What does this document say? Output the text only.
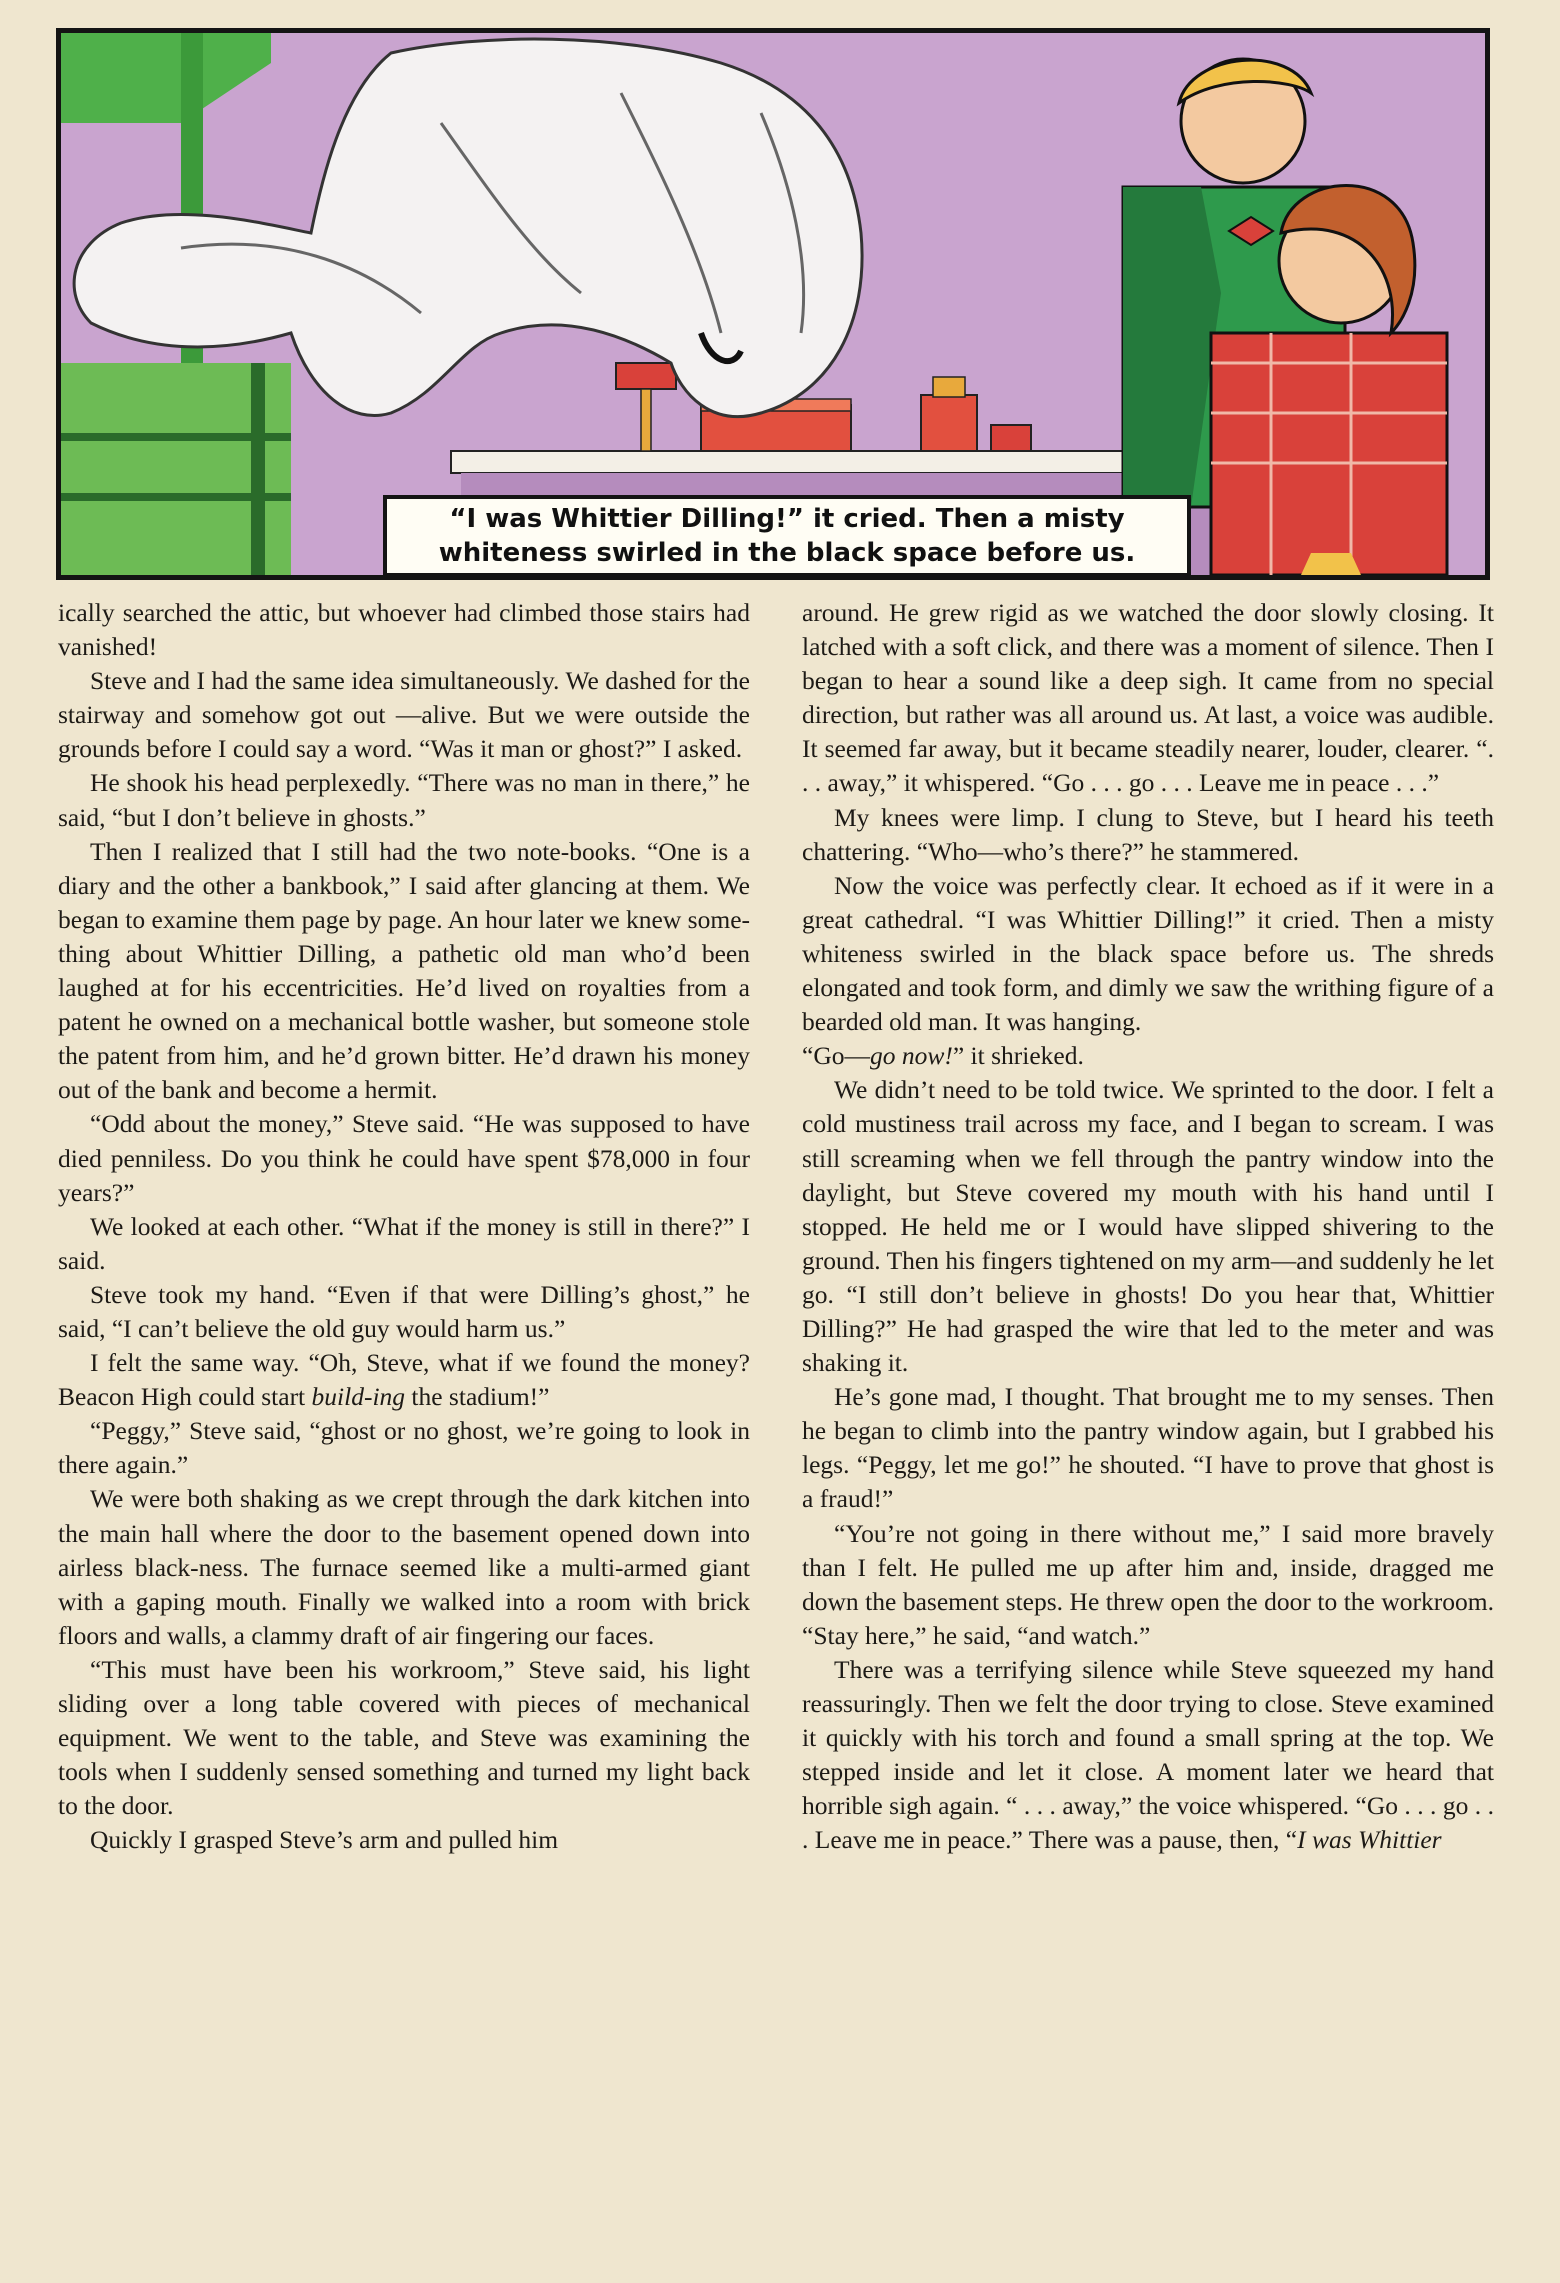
“I was Whittier Dilling!” it cried. Then a misty
whiteness swirled in the black space before us.

ically searched the attic, but whoever had climbed those stairs had vanished!

Steve and I had the same idea simultaneously. We dashed for the stairway and somehow got out —alive. But we were outside the grounds before I could say a word. “Was it man or ghost?” I asked.

He shook his head perplexedly. “There was no man in there,” he said, “but I don’t believe in ghosts.”

Then I realized that I still had the two note-books. “One is a diary and the other a bankbook,” I said after glancing at them. We began to examine them page by page. An hour later we knew some-thing about Whittier Dilling, a pathetic old man who’d been laughed at for his eccentricities. He’d lived on royalties from a patent he owned on a mechanical bottle washer, but someone stole the patent from him, and he’d grown bitter. He’d drawn his money out of the bank and become a hermit.

“Odd about the money,” Steve said. “He was supposed to have died penniless. Do you think he could have spent $78,000 in four years?”

We looked at each other. “What if the money is still in there?” I said.

Steve took my hand. “Even if that were Dilling’s ghost,” he said, “I can’t believe the old guy would harm us.”

I felt the same way. “Oh, Steve, what if we found the money? Beacon High could start build-ing the stadium!”

“Peggy,” Steve said, “ghost or no ghost, we’re going to look in there again.”

We were both shaking as we crept through the dark kitchen into the main hall where the door to the basement opened down into airless black-ness. The furnace seemed like a multi-armed giant with a gaping mouth. Finally we walked into a room with brick floors and walls, a clammy draft of air fingering our faces.

“This must have been his workroom,” Steve said, his light sliding over a long table covered with pieces of mechanical equipment. We went to the table, and Steve was examining the tools when I suddenly sensed something and turned my light back to the door.

Quickly I grasped Steve’s arm and pulled him

around. He grew rigid as we watched the door slowly closing. It latched with a soft click, and there was a moment of silence. Then I began to hear a sound like a deep sigh. It came from no special direction, but rather was all around us. At last, a voice was audible. It seemed far away, but it became steadily nearer, louder, clearer. “. . . away,” it whispered. “Go . . . go . . . Leave me in peace . . .”

My knees were limp. I clung to Steve, but I heard his teeth chattering. “Who—who’s there?” he stammered.

Now the voice was perfectly clear. It echoed as if it were in a great cathedral. “I was Whittier Dilling!” it cried. Then a misty whiteness swirled in the black space before us. The shreds elongated and took form, and dimly we saw the writhing figure of a bearded old man. It was hanging.

“Go—go now!” it shrieked.

We didn’t need to be told twice. We sprinted to the door. I felt a cold mustiness trail across my face, and I began to scream. I was still screaming when we fell through the pantry window into the daylight, but Steve covered my mouth with his hand until I stopped. He held me or I would have slipped shivering to the ground. Then his fingers tightened on my arm—and suddenly he let go. “I still don’t believe in ghosts! Do you hear that, Whittier Dilling?” He had grasped the wire that led to the meter and was shaking it.

He’s gone mad, I thought. That brought me to my senses. Then he began to climb into the pantry window again, but I grabbed his legs. “Peggy, let me go!” he shouted. “I have to prove that ghost is a fraud!”

“You’re not going in there without me,” I said more bravely than I felt. He pulled me up after him and, inside, dragged me down the basement steps. He threw open the door to the workroom. “Stay here,” he said, “and watch.”

There was a terrifying silence while Steve squeezed my hand reassuringly. Then we felt the door trying to close. Steve examined it quickly with his torch and found a small spring at the top. We stepped inside and let it close. A moment later we heard that horrible sigh again. “ . . . away,” the voice whispered. “Go . . . go . . . Leave me in peace.” There was a pause, then, “I was Whittier
